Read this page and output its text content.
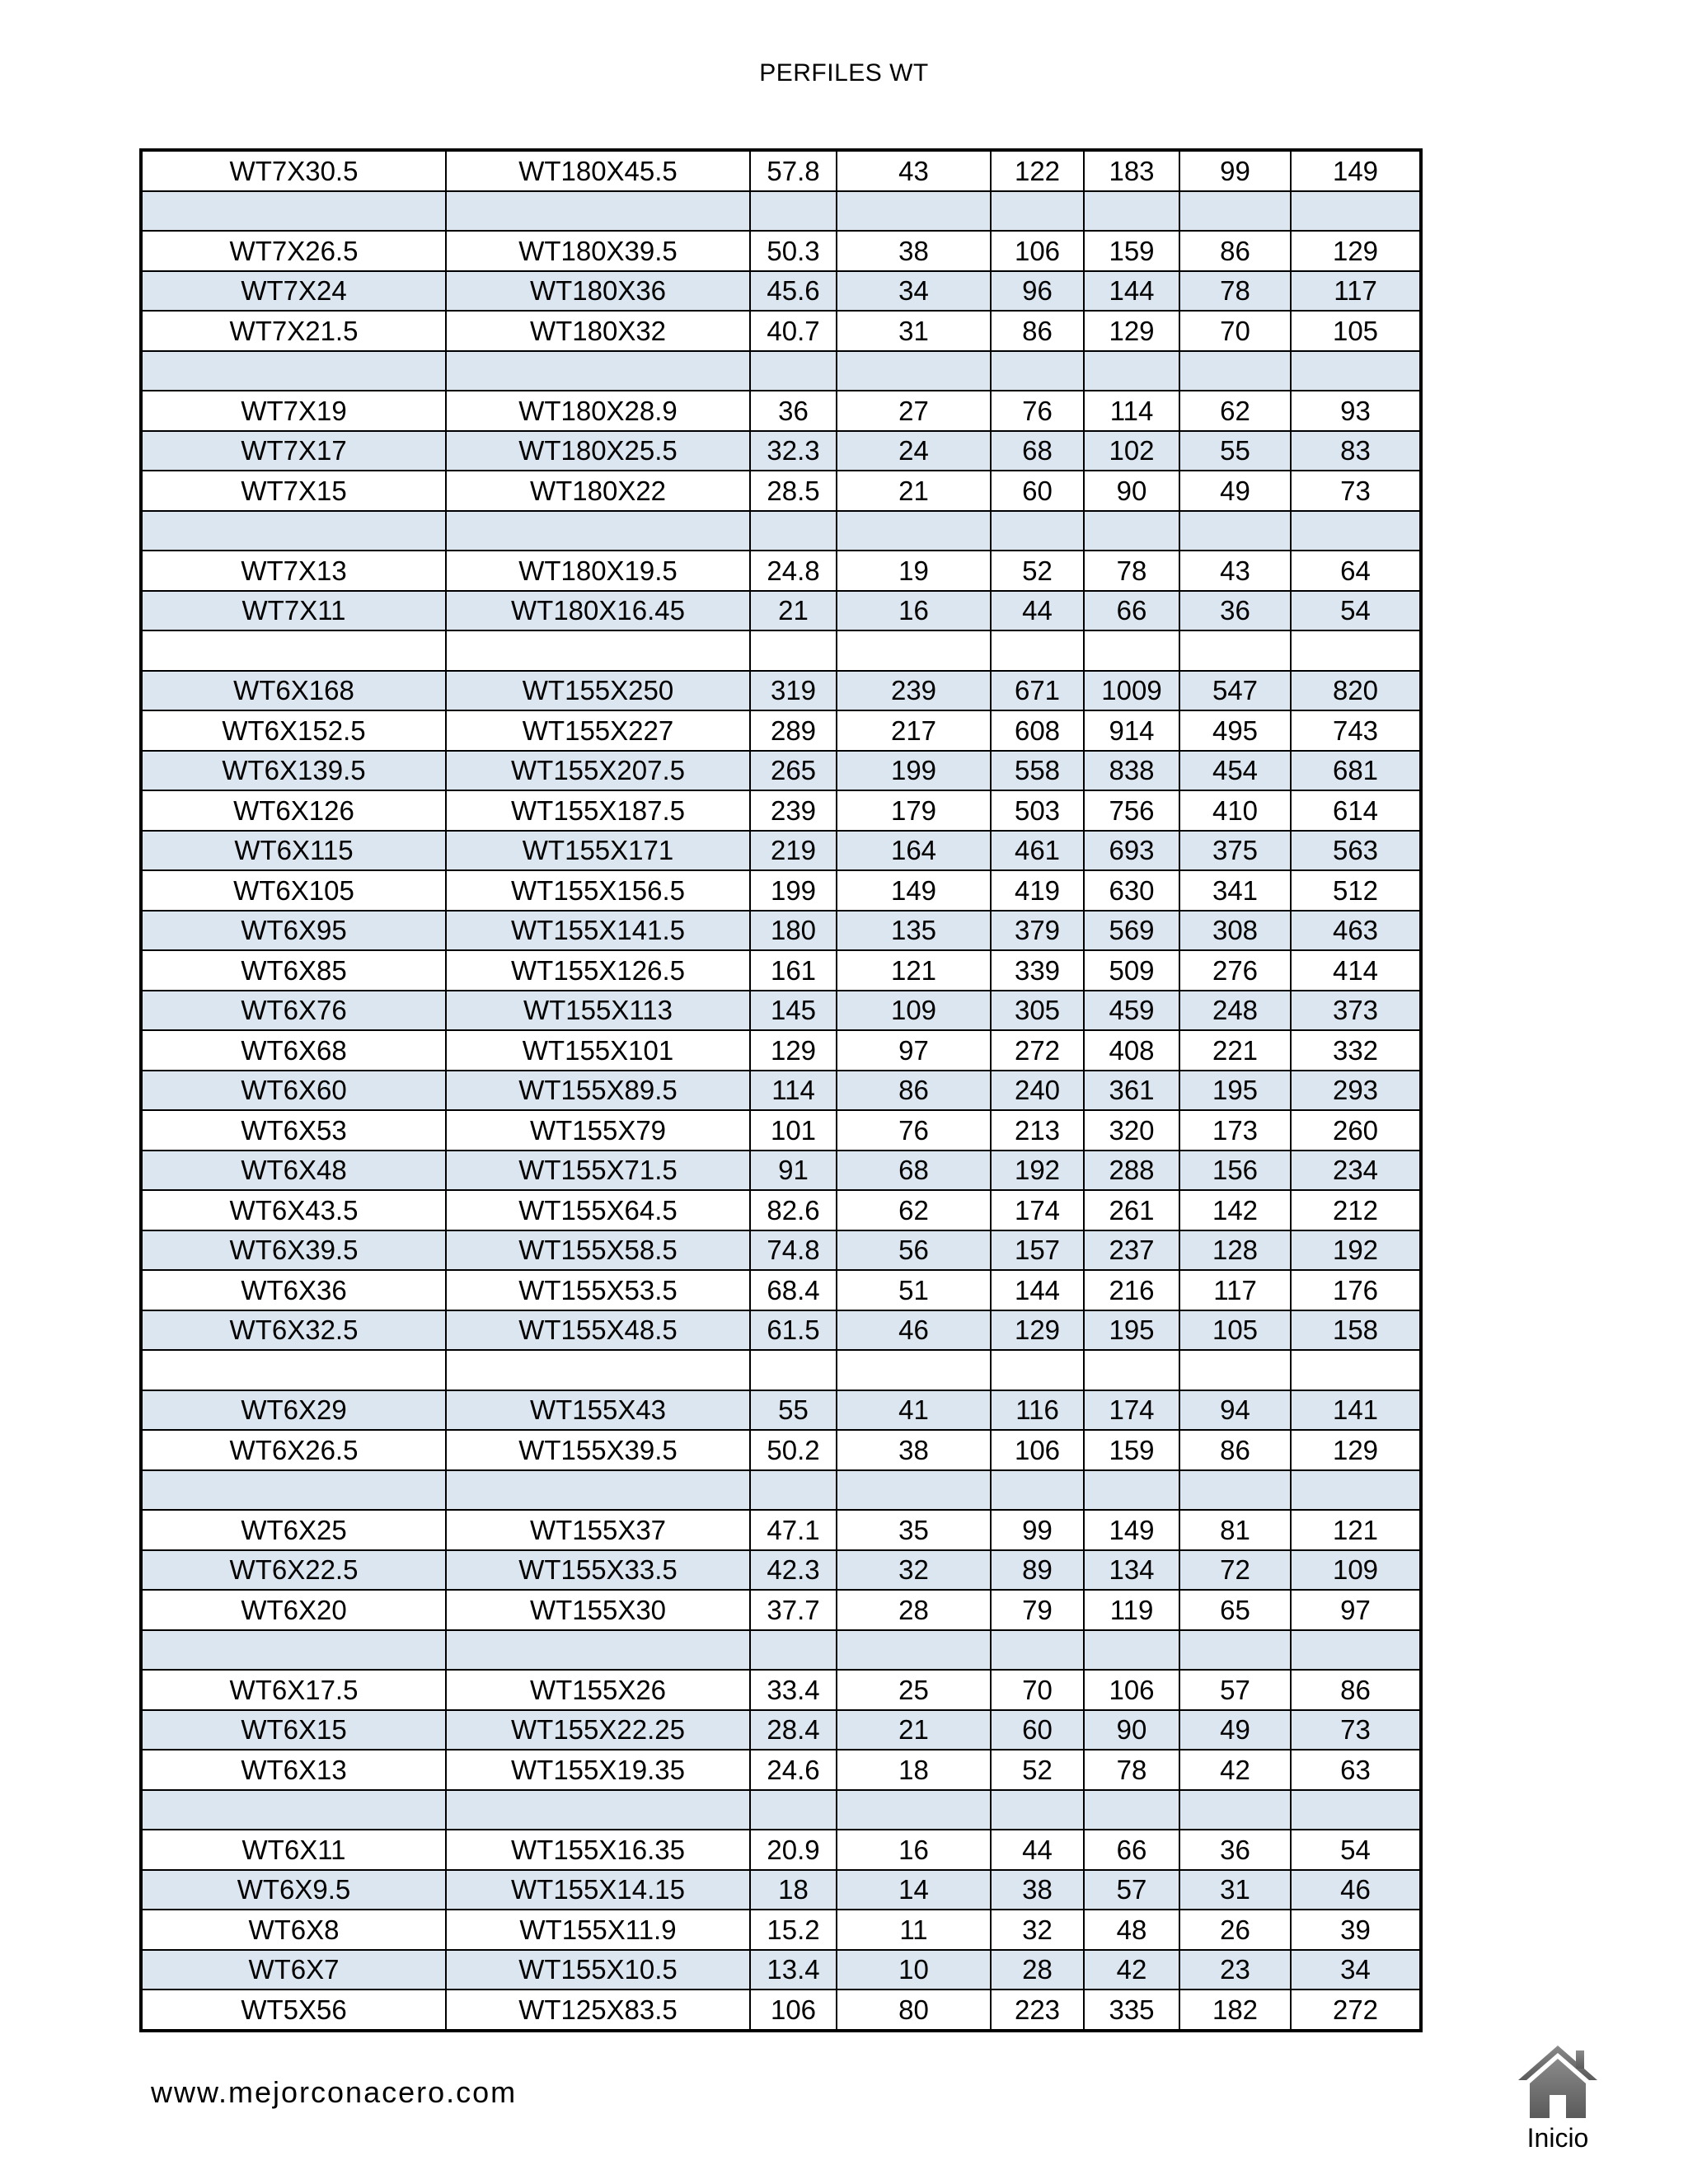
PERFILES WT
WT7X30.5	WT180X45.5	57.8	43	122	183	99	149

WT7X26.5	WT180X39.5	50.3	38	106	159	86	129
WT7X24	WT180X36	45.6	34	96	144	78	117
WT7X21.5	WT180X32	40.7	31	86	129	70	105

WT7X19	WT180X28.9	36	27	76	114	62	93
WT7X17	WT180X25.5	32.3	24	68	102	55	83
WT7X15	WT180X22	28.5	21	60	90	49	73

WT7X13	WT180X19.5	24.8	19	52	78	43	64
WT7X11	WT180X16.45	21	16	44	66	36	54

WT6X168	WT155X250	319	239	671	1009	547	820
WT6X152.5	WT155X227	289	217	608	914	495	743
WT6X139.5	WT155X207.5	265	199	558	838	454	681
WT6X126	WT155X187.5	239	179	503	756	410	614
WT6X115	WT155X171	219	164	461	693	375	563
WT6X105	WT155X156.5	199	149	419	630	341	512
WT6X95	WT155X141.5	180	135	379	569	308	463
WT6X85	WT155X126.5	161	121	339	509	276	414
WT6X76	WT155X113	145	109	305	459	248	373
WT6X68	WT155X101	129	97	272	408	221	332
WT6X60	WT155X89.5	114	86	240	361	195	293
WT6X53	WT155X79	101	76	213	320	173	260
WT6X48	WT155X71.5	91	68	192	288	156	234
WT6X43.5	WT155X64.5	82.6	62	174	261	142	212
WT6X39.5	WT155X58.5	74.8	56	157	237	128	192
WT6X36	WT155X53.5	68.4	51	144	216	117	176
WT6X32.5	WT155X48.5	61.5	46	129	195	105	158

WT6X29	WT155X43	55	41	116	174	94	141
WT6X26.5	WT155X39.5	50.2	38	106	159	86	129

WT6X25	WT155X37	47.1	35	99	149	81	121
WT6X22.5	WT155X33.5	42.3	32	89	134	72	109
WT6X20	WT155X30	37.7	28	79	119	65	97

WT6X17.5	WT155X26	33.4	25	70	106	57	86
WT6X15	WT155X22.25	28.4	21	60	90	49	73
WT6X13	WT155X19.35	24.6	18	52	78	42	63

WT6X11	WT155X16.35	20.9	16	44	66	36	54
WT6X9.5	WT155X14.15	18	14	38	57	31	46
WT6X8	WT155X11.9	15.2	11	32	48	26	39
WT6X7	WT155X10.5	13.4	10	28	42	23	34
WT5X56	WT125X83.5	106	80	223	335	182	272
www.mejorconacero.com
Inicio
